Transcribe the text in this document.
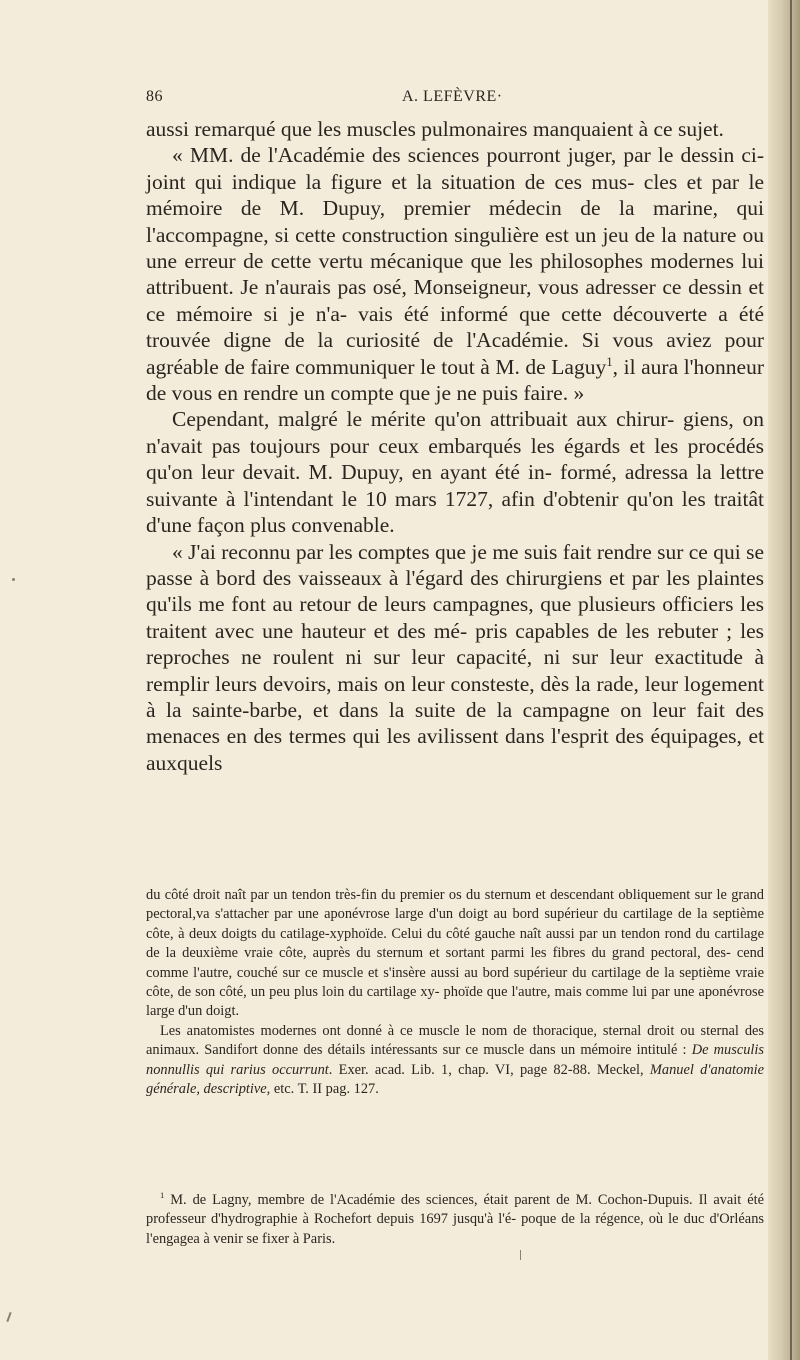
86	A. LEFÈVRE·

aussi remarqué que les muscles pulmonaires manquaient à ce sujet.

« MM. de l'Académie des sciences pourront juger, par le dessin ci-joint qui indique la figure et la situation de ces mus- cles et par le mémoire de M. Dupuy, premier médecin de la marine, qui l'accompagne, si cette construction singulière est un jeu de la nature ou une erreur de cette vertu mécanique que les philosophes modernes lui attribuent. Je n'aurais pas osé, Monseigneur, vous adresser ce dessin et ce mémoire si je n'a- vais été informé que cette découverte a été trouvée digne de la curiosité de l'Académie. Si vous aviez pour agréable de faire communiquer le tout à M. de Laguy$^1$, il aura l'honneur de vous en rendre un compte que je ne puis faire. »

Cependant, malgré le mérite qu'on attribuait aux chirur- giens, on n'avait pas toujours pour ceux embarqués les égards et les procédés qu'on leur devait. M. Dupuy, en ayant été in- formé, adressa la lettre suivante à l'intendant le 10 mars 1727, afin d'obtenir qu'on les traitât d'une façon plus convenable.

« J'ai reconnu par les comptes que je me suis fait rendre sur ce qui se passe à bord des vaisseaux à l'égard des chirurgiens et par les plaintes qu'ils me font au retour de leurs campagnes, que plusieurs officiers les traitent avec une hauteur et des mé- pris capables de les rebuter ; les reproches ne roulent ni sur leur capacité, ni sur leur exactitude à remplir leurs devoirs, mais on leur consteste, dès la rade, leur logement à la sainte-barbe, et dans la suite de la campagne on leur fait des menaces en des termes qui les avilissent dans l'esprit des équipages, et auxquels

du côté droit naît par un tendon très-fin du premier os du sternum et descendant obliquement sur le grand pectoral,va s'attacher par une aponévrose large d'un doigt au bord supérieur du cartilage de la septième côte, à deux doigts du catilage-xyphoïde. Celui du côté gauche naît aussi par un tendon rond du cartilage de la deuxième vraie côte, auprès du sternum et sortant parmi les fibres du grand pectoral, des- cend comme l'autre, couché sur ce muscle et s'insère aussi au bord supérieur du cartilage de la septième vraie côte, de son côté, un peu plus loin du cartilage xy- phoïde que l'autre, mais comme lui par une aponévrose large d'un doigt.

Les anatomistes modernes ont donné à ce muscle le nom de thoracique, sternal droit ou sternal des animaux. Sandifort donne des détails intéressants sur ce muscle dans un mémoire intitulé : De musculis nonnullis qui rarius occurrunt. Exer. acad. Lib. 1, chap. VI, page 82-88. Meckel, Manuel d'anatomie générale, descriptive, etc. T. II pag. 127.

$^1$ M. de Lagny, membre de l'Académie des sciences, était parent de M. Cochon-Dupuis. Il avait été professeur d'hydrographie à Rochefort depuis 1697 jusqu'à l'é- poque de la régence, où le duc d'Orléans l'engagea à venir se fixer à Paris.
